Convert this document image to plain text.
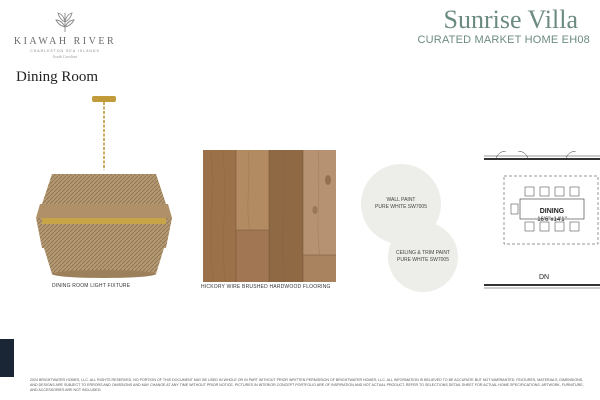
KIAWAH RIVER
CHARLESTON SEA ISLANDS
South Carolina
Dining Room
Sunrise Villa
CURATED MARKET HOME EH08
DINING ROOM LIGHT FIXTURE	HICKORY WIRE BRUSHED HARDWOOD FLOORING
WALL PAINT
PURE WHITE SW7005
CEILING & TRIM PAINT
PURE WHITE SW7005
DN
DINING
16'6"x14'1"
2024 BRIGHTWATER HOMES, LLC. ALL RIGHTS RESERVED. NO PORTION OF THIS DOCUMENT MAY BE USED IN WHOLE OR IN PART WITHOUT PRIOR WRITTEN PERMISSION OF BRIGHTWATER HOMES, LLC. ALL INFORMATION IS BELIEVED TO BE ACCURATE BUT NOT WARRANTED. FEATURES, MATERIALS, DIMENSIONS, AND DESIGNS ARE SUBJECT TO ERRORS AND OMISSIONS AND MAY CHANGE AT ANY TIME WITHOUT PRIOR NOTICE. PICTURES IN INTERIOR CONCEPT PORTFOLIO ARE OF INSPIRATION AND NOT ACTUAL PRODUCT. REFER TO SELECTIONS DETAIL SHEET FOR ACTUAL HOME SPECIFICATIONS. ARTWORK, FURNITURE, AND ACCESSORIES ARE NOT INCLUDED.
